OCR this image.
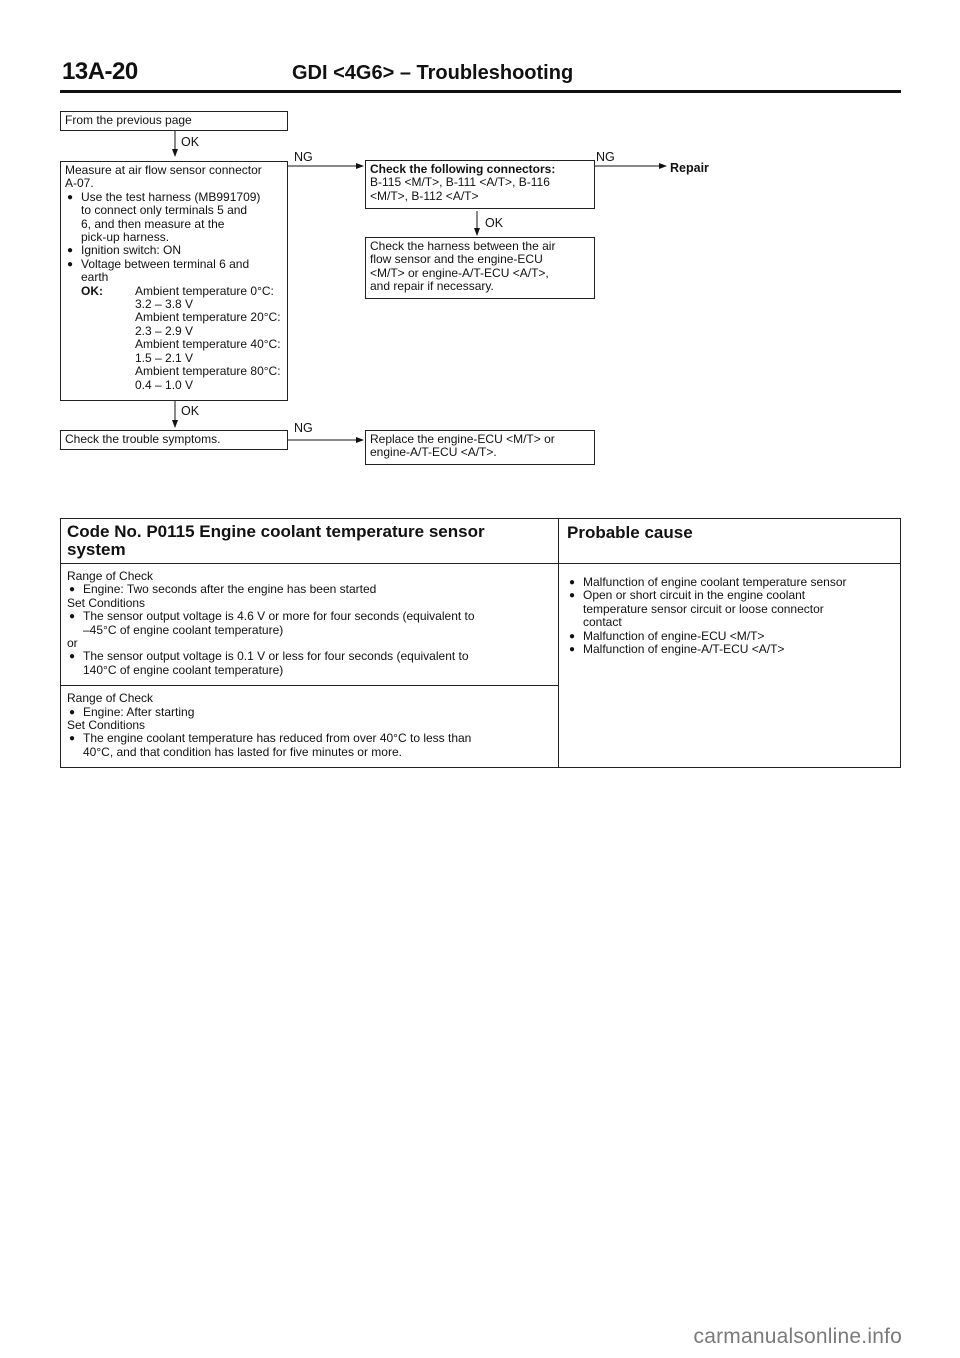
13A-20	GDI <4G6> – Troubleshooting
From the previous page
OK
Measure at air flow sensor connector
A-07.
● Use the test harness (MB991709)
to connect only terminals 5 and
6, and then measure at the
pick-up harness.
● Ignition switch: ON
● Voltage between terminal 6 and
earth
OK:	Ambient temperature 0°C:
3.2 – 3.8 V
Ambient temperature 20°C:
2.3 – 2.9 V
Ambient temperature 40°C:
1.5 – 2.1 V
Ambient temperature 80°C:
0.4 – 1.0 V
NG	NG
Repair
Check the following connectors:
B-115 <M/T>, B-111 <A/T>, B-116
<M/T>, B-112 <A/T>
OK
Check the harness between the air
flow sensor and the engine-ECU
<M/T> or engine-A/T-ECU <A/T>,
and repair if necessary.
OK
Check the trouble symptoms.
NG
Replace the engine-ECU <M/T> or
engine-A/T-ECU <A/T>.
Code No. P0115 Engine coolant temperature sensor
system
Probable cause
Range of Check
● Engine: Two seconds after the engine has been started
Set Conditions
● The sensor output voltage is 4.6 V or more for four seconds (equivalent to
–45°C of engine coolant temperature)
or
● The sensor output voltage is 0.1 V or less for four seconds (equivalent to
140°C of engine coolant temperature)
Range of Check
● Engine: After starting
Set Conditions
● The engine coolant temperature has reduced from over 40°C to less than
40°C, and that condition has lasted for five minutes or more.
● Malfunction of engine coolant temperature sensor
● Open or short circuit in the engine coolant
temperature sensor circuit or loose connector
contact
● Malfunction of engine-ECU <M/T>
● Malfunction of engine-A/T-ECU <A/T>
carmanualsonline.info
